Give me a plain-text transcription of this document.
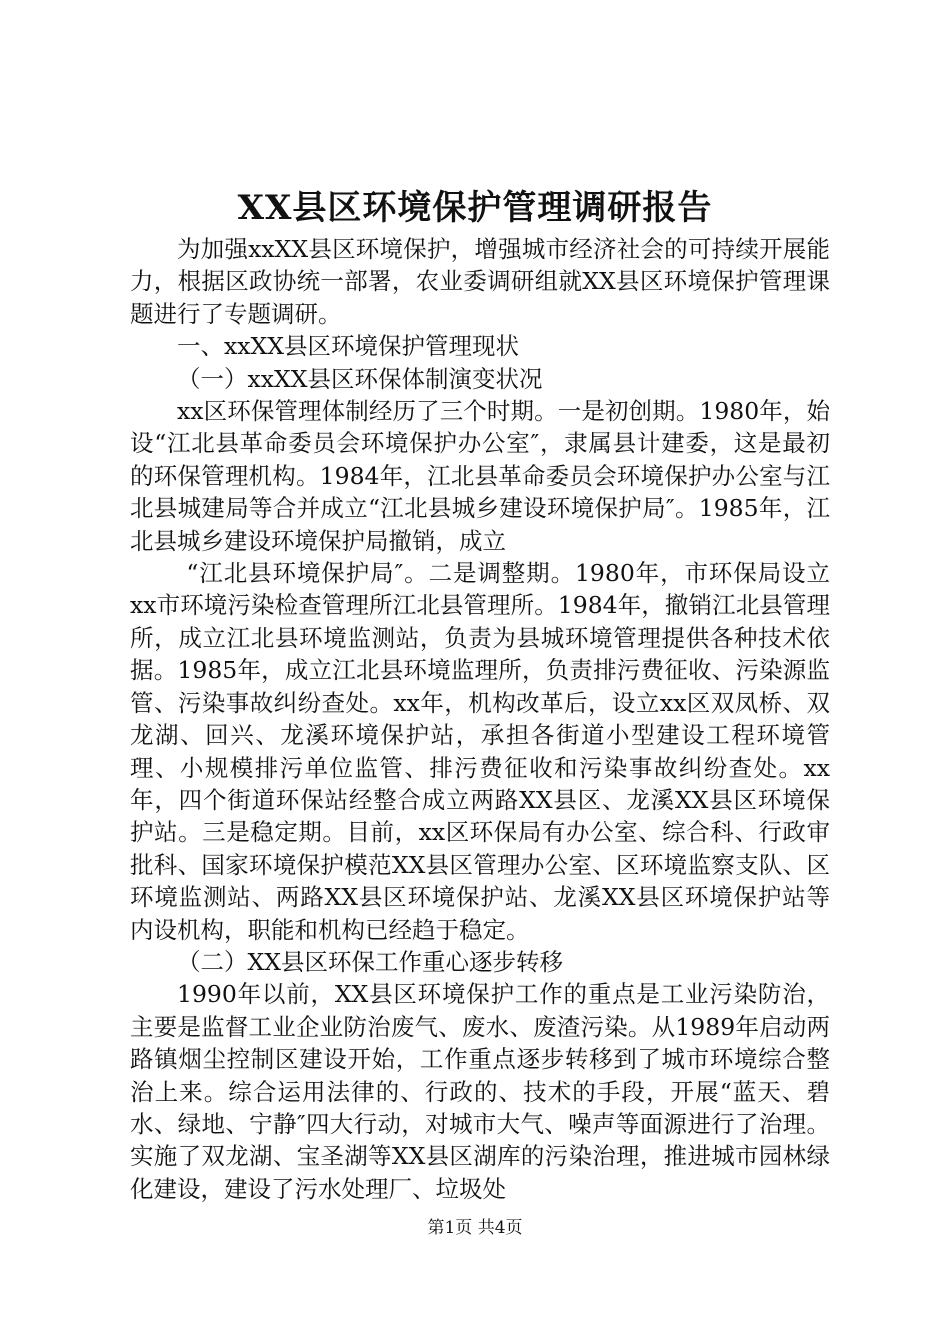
XX县区环境保护管理调研报告

为加强xxXX县区环境保护，增强城市经济社会的可持续开展能力，根据区政协统一部署，农业委调研组就XX县区环境保护管理课题进行了专题调研。

一、xxXX县区环境保护管理现状

（一）xxXX县区环保体制演变状况

xx区环保管理体制经历了三个时期。一是初创期。1980年，始设“江北县革命委员会环境保护办公室″，隶属县计建委，这是最初的环保管理机构。1984年，江北县革命委员会环境保护办公室与江北县城建局等合并成立“江北县城乡建设环境保护局″。1985年，江北县城乡建设环境保护局撤销，成立

“江北县环境保护局″。二是调整期。1980年，市环保局设立xx市环境污染检查管理所江北县管理所。1984年，撤销江北县管理所，成立江北县环境监测站，负责为县城环境管理提供各种技术依据。1985年，成立江北县环境监理所，负责排污费征收、污染源监管、污染事故纠纷查处。xx年，机构改革后，设立xx区双凤桥、双龙湖、回兴、龙溪环境保护站，承担各街道小型建设工程环境管理、小规模排污单位监管、排污费征收和污染事故纠纷查处。xx年，四个街道环保站经整合成立两路XX县区、龙溪XX县区环境保护站。三是稳定期。目前，xx区环保局有办公室、综合科、行政审批科、国家环境保护模范XX县区管理办公室、区环境监察支队、区环境监测站、两路XX县区环境保护站、龙溪XX县区环境保护站等内设机构，职能和机构已经趋于稳定。

（二）XX县区环保工作重心逐步转移

1990年以前，XX县区环境保护工作的重点是工业污染防治，主要是监督工业企业防治废气、废水、废渣污染。从1989年启动两路镇烟尘控制区建设开始，工作重点逐步转移到了城市环境综合整治上来。综合运用法律的、行政的、技术的手段，开展“蓝天、碧水、绿地、宁静″四大行动，对城市大气、噪声等面源进行了治理。实施了双龙湖、宝圣湖等XX县区湖库的污染治理，推进城市园林绿化建设，建设了污水处理厂、垃圾处

第1页 共4页
